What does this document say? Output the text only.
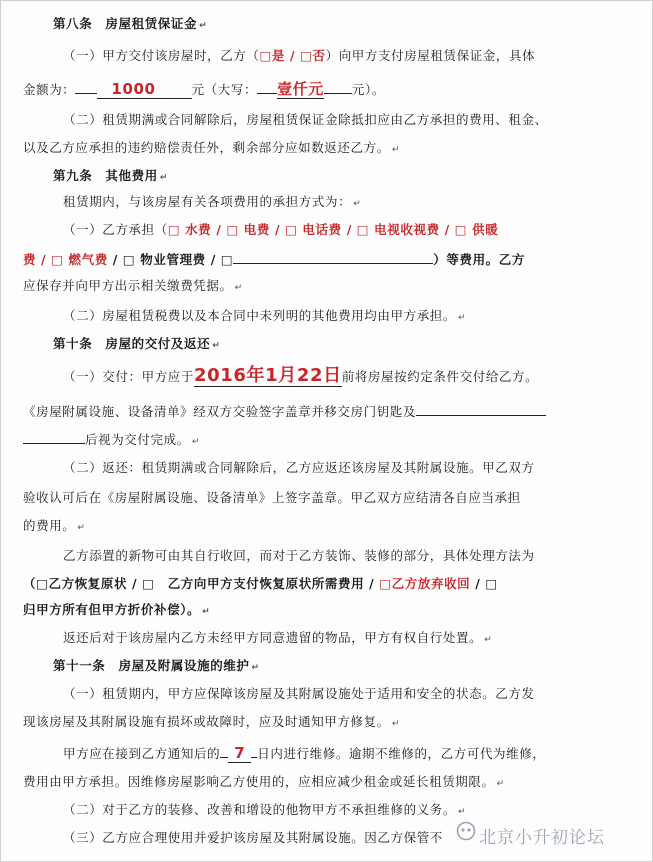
第八条　房屋租赁保证金 ↵
（一）甲方交付该房屋时，乙方（□是 / □否）向甲方支付房屋租赁保证金，具体
金额为： 1000	元（大写： 壹仟元 元）。
（二）租赁期满或合同解除后，房屋租赁保证金除抵扣应由乙方承担的费用、租金、
以及乙方应承担的违约赔偿责任外，剩余部分应如数返还乙方。 ↵
第九条　其他费用 ↵
租赁期内，与该房屋有关各项费用的承担方式为： ↵
（一）乙方承担（□ 水费 / □ 电费 / □ 电话费 / □ 电视收视费 / □ 供暖
费 / □ 燃气费 / □ 物业管理费 / □	）等费用。乙方
应保存并向甲方出示相关缴费凭据。 ↵
（二）房屋租赁税费以及本合同中未列明的其他费用均由甲方承担。 ↵
第十条　房屋的交付及返还 ↵
（一）交付：甲方应于2016年1月22日前将房屋按约定条件交付给乙方。
《房屋附属设施、设备清单》经双方交验签字盖章并移交房门钥匙及
后视为交付完成。 ↵
（二）返还：租赁期满或合同解除后，乙方应返还该房屋及其附属设施。甲乙双方
验收认可后在《房屋附属设施、设备清单》上签字盖章。甲乙双方应结清各自应当承担
的费用。 ↵
乙方添置的新物可由其自行收回，而对于乙方装饰、装修的部分，具体处理方法为
（□乙方恢复原状 / □　乙方向甲方支付恢复原状所需费用 / □乙方放弃收回 / □
归甲方所有但甲方折价补偿）。 ↵
返还后对于该房屋内乙方未经甲方同意遗留的物品，甲方有权自行处置。 ↵
第十一条　房屋及附属设施的维护 ↵
（一）租赁期内，甲方应保障该房屋及其附属设施处于适用和安全的状态。乙方发
现该房屋及其附属设施有损坏或故障时，应及时通知甲方修复。 ↵
甲方应在接到乙方通知后的 7 日内进行维修。逾期不维修的，乙方可代为维修，
费用由甲方承担。因维修房屋影响乙方使用的，应相应减少租金或延长租赁期限。 ↵
（二）对于乙方的装修、改善和增设的他物甲方不承担维修的义务。 ↵
（三）乙方应合理使用并爱护该房屋及其附属设施。因乙方保管不	北京小升初论坛
